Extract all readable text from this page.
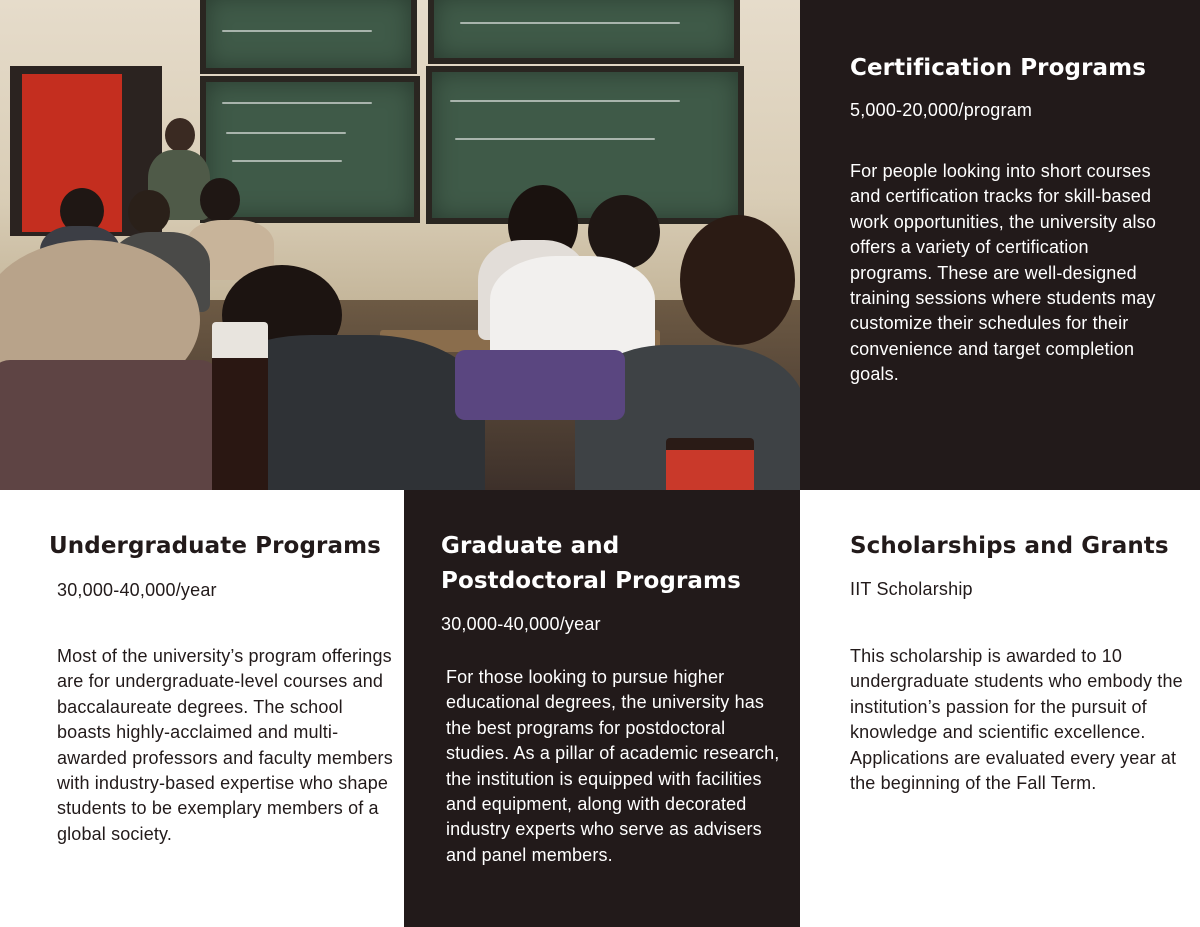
Certification Programs
5,000-20,000/program

For people looking into short courses and certification tracks for skill-based work opportunities, the university also offers a variety of certification programs. These are well-designed training sessions where students may customize their schedules for their convenience and target completion goals.

Undergraduate Programs
30,000-40,000/year

Most of the university’s program offerings are for undergraduate-level courses and baccalaureate degrees. The school boasts highly-acclaimed and multi-awarded professors and faculty members with industry-based expertise who shape students to be exemplary members of a global society.

Graduate and Postdoctoral Programs
30,000-40,000/year

For those looking to pursue higher educational degrees, the university has the best programs for postdoctoral studies. As a pillar of academic research, the institution is equipped with facilities and equipment, along with decorated industry experts who serve as advisers and panel members.

Scholarships and Grants
IIT Scholarship

This scholarship is awarded to 10 undergraduate students who embody the institution’s passion for the pursuit of knowledge and scientific excellence. Applications are evaluated every year at the beginning of the Fall Term.
